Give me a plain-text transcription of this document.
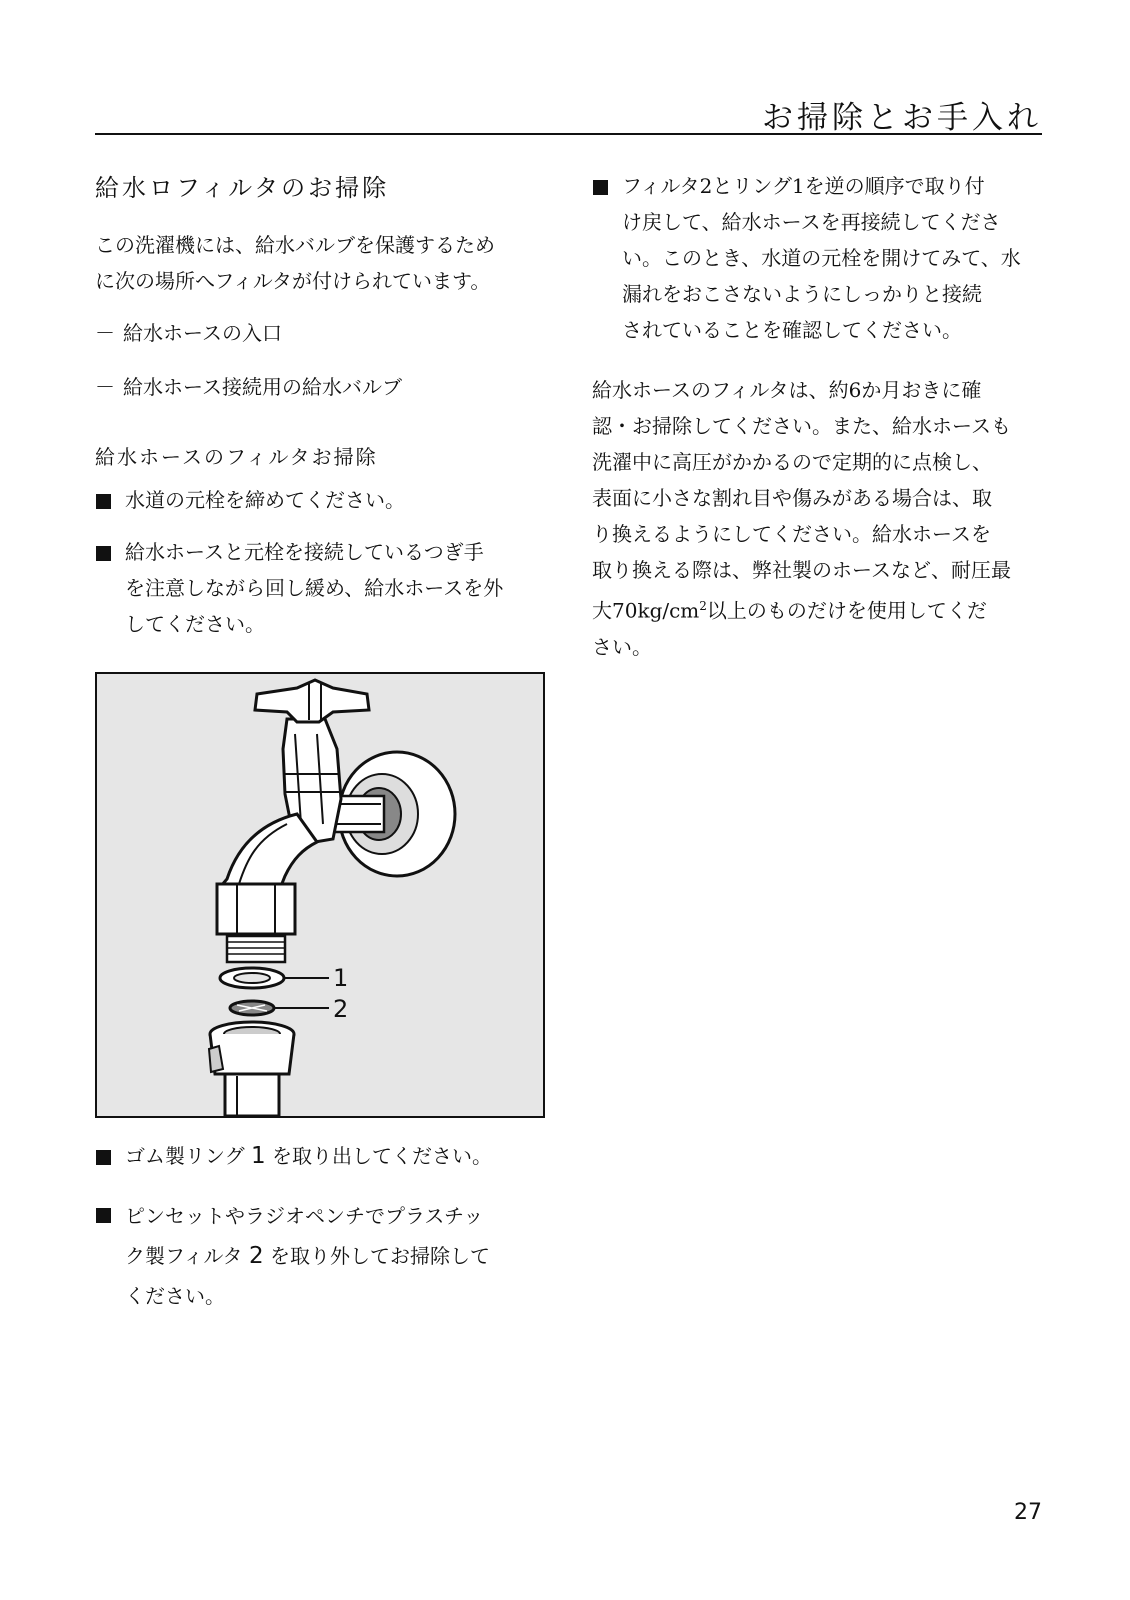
お掃除とお手入れ
給水ロフィルタのお掃除

この洗濯機には、給水バルブを保護するため

に次の場所へフィルタが付けられています。

－ 給水ホースの入口
－ 給水ホース接続用の給水バルブ
給水ホースのフィルタお掃除
水道の元栓を締めてください。
給水ホースと元栓を接続しているつぎ手
を注意しながら回し緩め、給水ホースを外
してください。
1
2
ゴム製リング 1 を取り出してください。
ピンセットやラジオペンチでプラスチッ
ク製フィルタ 2 を取り外してお掃除して
ください。
フィルタ2とリング1を逆の順序で取り付
け戻して、給水ホースを再接続してくださ
い。このとき、水道の元栓を開けてみて、水
漏れをおこさないようにしっかりと接続
されていることを確認してください。

給水ホースのフィルタは、約6か月おきに確

認・お掃除してください。また、給水ホースも

洗濯中に高圧がかかるので定期的に点検し、

表面に小さな割れ目や傷みがある場合は、取

り換えるようにしてください。給水ホースを

取り換える際は、弊社製のホースなど、耐圧最

大$70kg/cm^2$以上のものだけを使用してくだ

さい。

27
